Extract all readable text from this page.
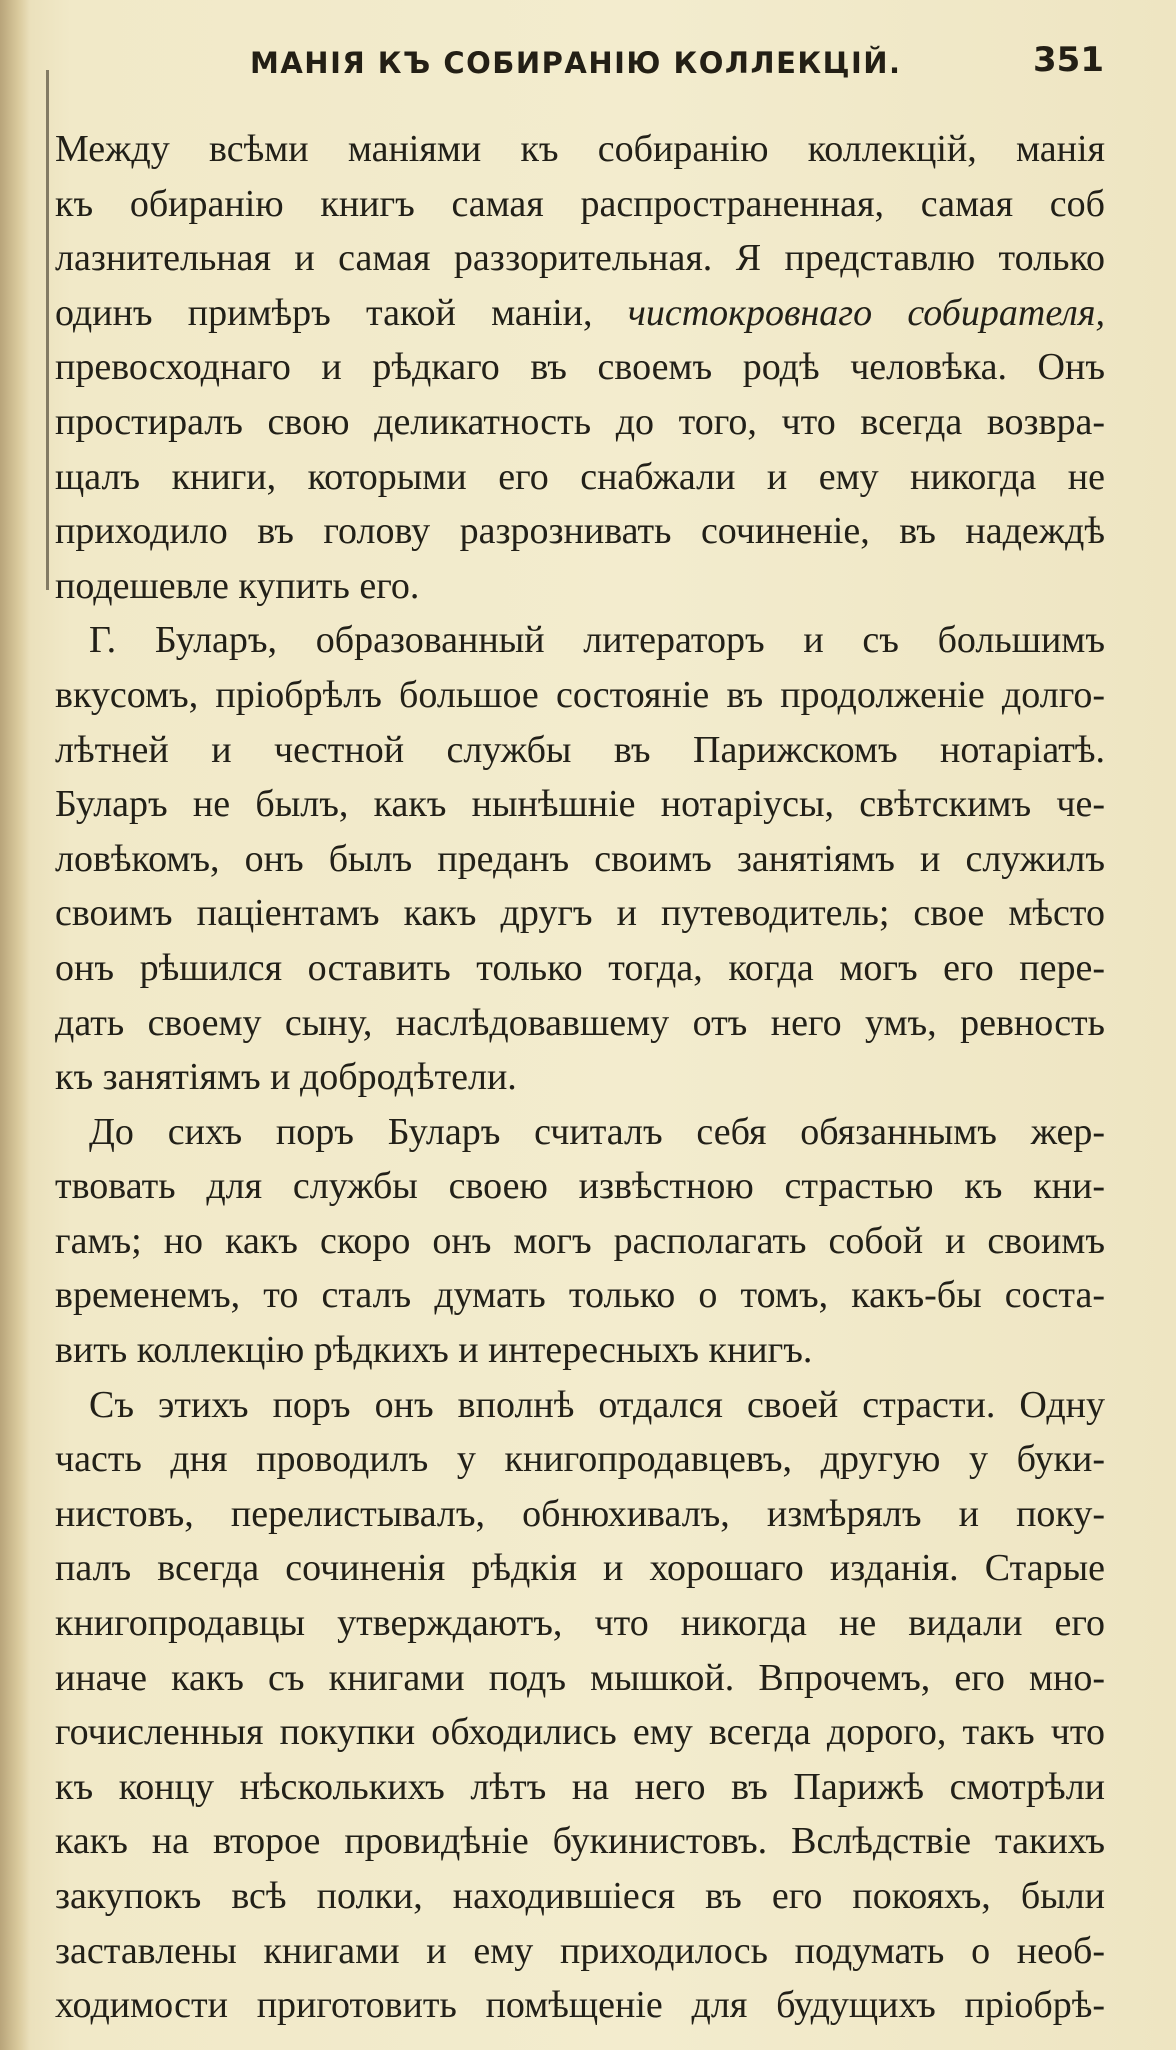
МАНІЯ КЪ СОБИРАНІЮ КОЛЛЕКЦІЙ.	351
Между всѣми маніями къ собиранію коллекцій, манія
къ обиранію книгъ самая распространенная, самая соб
лазнительная и самая раззорительная. Я представлю только
одинъ примѣръ такой маніи, чистокровнаго собирателя,
превосходнаго и рѣдкаго въ своемъ родѣ человѣка. Онъ
простиралъ свою деликатность до того, что всегда возвра-
щалъ книги, которыми его снабжали и ему никогда не
приходило въ голову разрознивать сочиненіе, въ надеждѣ
подешевле купить его.
Г. Буларъ, образованный литераторъ и съ большимъ
вкусомъ, пріобрѣлъ большое состояніе въ продолженіе долго-
лѣтней и честной службы въ Парижскомъ нотаріатѣ.
Буларъ не былъ, какъ нынѣшніе нотаріусы, свѣтскимъ че-
ловѣкомъ, онъ былъ преданъ своимъ занятіямъ и служилъ
своимъ паціентамъ какъ другъ и путеводитель; свое мѣсто
онъ рѣшился оставить только тогда, когда могъ его пере-
дать своему сыну, наслѣдовавшему отъ него умъ, ревность
къ занятіямъ и добродѣтели.
До сихъ поръ Буларъ считалъ себя обязаннымъ жер-
твовать для службы своею извѣстною страстью къ кни-
гамъ; но какъ скоро онъ могъ располагать собой и своимъ
временемъ, то сталъ думать только о томъ, какъ-бы соста-
вить коллекцію рѣдкихъ и интересныхъ книгъ.
Съ этихъ поръ онъ вполнѣ отдался своей страсти. Одну
часть дня проводилъ у книгопродавцевъ, другую у буки-
нистовъ, перелистывалъ, обнюхивалъ, измѣрялъ и поку-
палъ всегда сочиненія рѣдкія и хорошаго изданія. Старые
книгопродавцы утверждаютъ, что никогда не видали его
иначе какъ съ книгами подъ мышкой. Впрочемъ, его мно-
гочисленныя покупки обходились ему всегда дорого, такъ что
къ концу нѣсколькихъ лѣтъ на него въ Парижѣ смотрѣли
какъ на второе провидѣніе букинистовъ. Вслѣдствіе такихъ
закупокъ всѣ полки, находившіеся въ его покояхъ, были
заставлены книгами и ему приходилось подумать о необ-
ходимости приготовить помѣщеніе для будущихъ пріобрѣ-
